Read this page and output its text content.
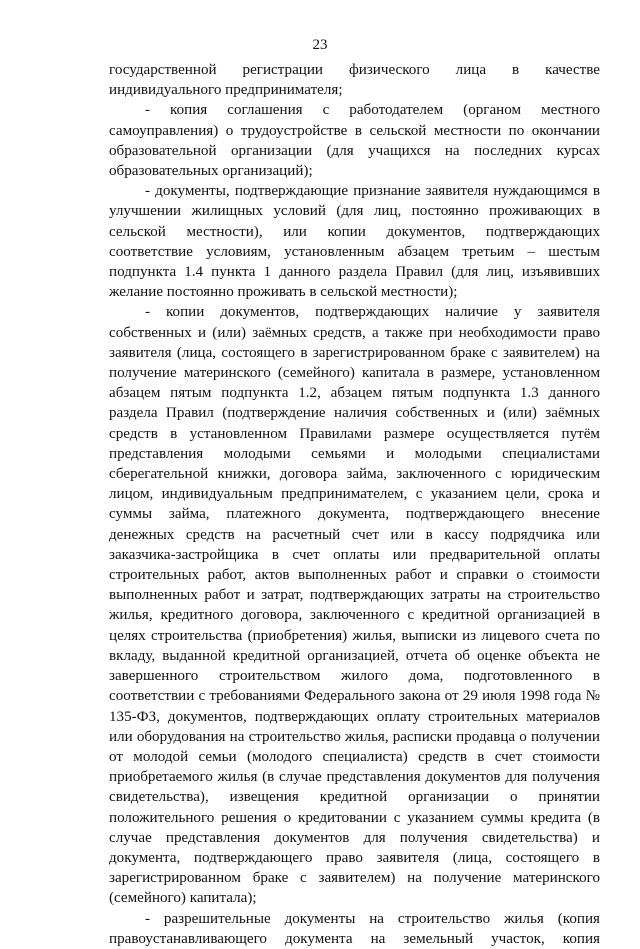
23

государственной регистрации физического лица в качестве индивидуального предпринимателя;

- копия соглашения с работодателем (органом местного самоуправления) о трудоустройстве в сельской местности по окончании образовательной организации (для учащихся на последних курсах образовательных организаций);

- документы, подтверждающие признание заявителя нуждающимся в улучшении жилищных условий (для лиц, постоянно проживающих в сельской местности), или копии документов, подтверждающих соответствие условиям, установленным абзацем третьим – шестым подпункта 1.4 пункта 1 данного раздела Правил (для лиц, изъявивших желание постоянно проживать в сельской местности);

- копии документов, подтверждающих наличие у заявителя собственных и (или) заёмных средств, а также при необходимости право заявителя (лица, состоящего в зарегистрированном браке с заявителем) на получение материнского (семейного) капитала в размере, установленном абзацем пятым подпункта 1.2, абзацем пятым подпункта 1.3 данного раздела Правил (подтверждение наличия собственных и (или) заёмных средств в установленном Правилами размере осуществляется путём представления молодыми семьями и молодыми специалистами сберегательной книжки, договора займа, заключенного с юридическим лицом, индивидуальным предпринимателем, с указанием цели, срока и суммы займа, платежного документа, подтверждающего внесение денежных средств на расчетный счет или в кассу подрядчика или заказчика-застройщика в счет оплаты или предварительной оплаты строительных работ, актов выполненных работ и справки о стоимости выполненных работ и затрат, подтверждающих затраты на строительство жилья, кредитного договора, заключенного с кредитной организацией в целях строительства (приобретения) жилья, выписки из лицевого счета по вкладу, выданной кредитной организацией, отчета об оценке объекта не завершенного строительством жилого дома, подготовленного в соответствии с требованиями Федерального закона от 29 июля 1998 года № 135-ФЗ, документов, подтверждающих оплату строительных материалов или оборудования на строительство жилья, расписки продавца о получении от молодой семьи (молодого специалиста) средств в счет стоимости приобретаемого жилья (в случае представления документов для получения свидетельства), извещения кредитной организации о принятии положительного решения о кредитовании с указанием суммы кредита (в случае представления документов для получения свидетельства) и документа, подтверждающего право заявителя (лица, состоящего в зарегистрированном браке с заявителем) на получение материнского (семейного) капитала);

- разрешительные документы на строительство жилья (копия правоустанавливающего документа на земельный участок, копия
